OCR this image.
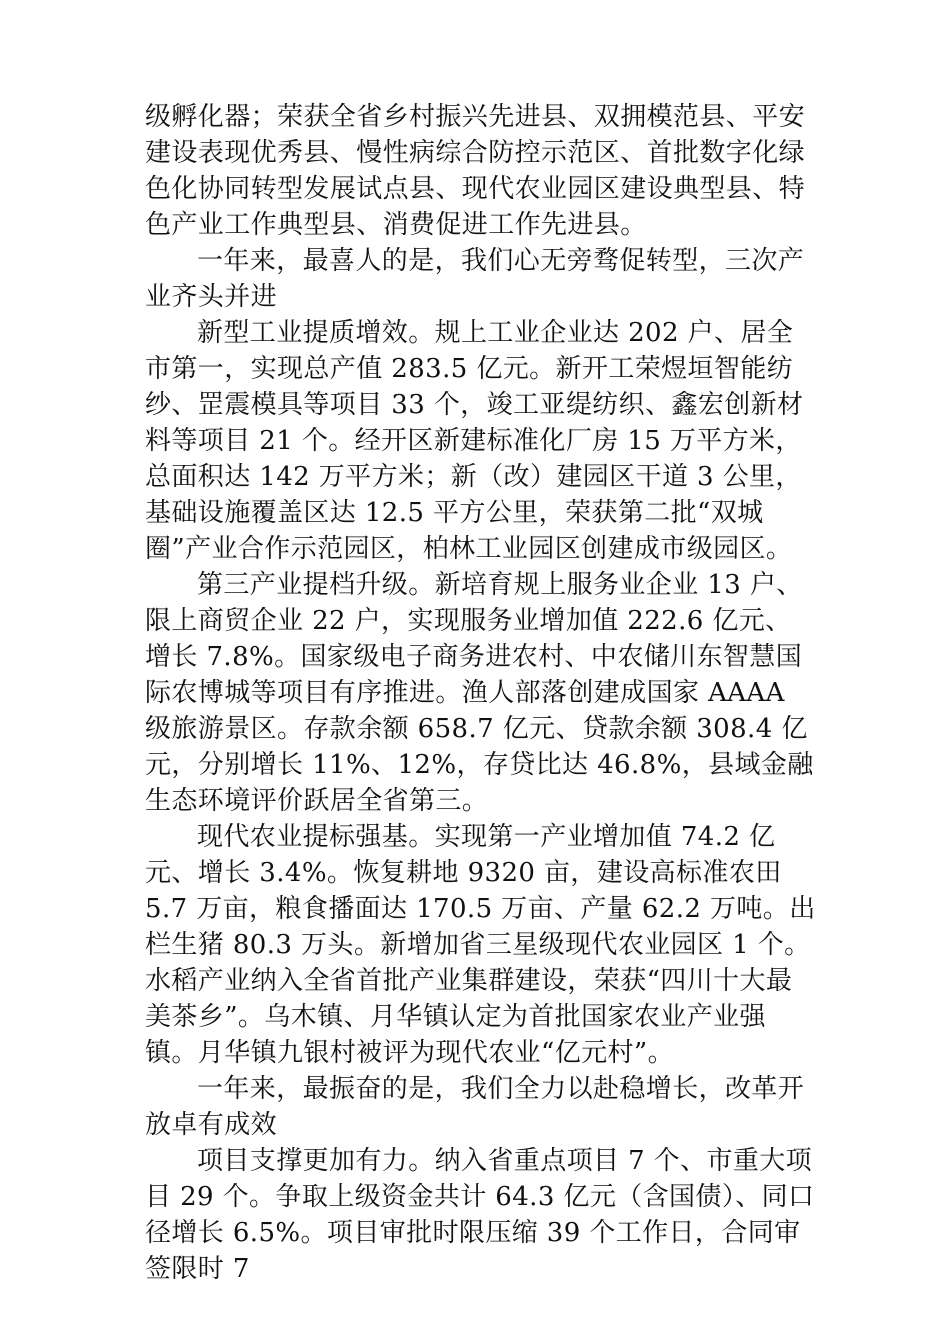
级孵化器；荣获全省乡村振兴先进县、双拥模范县、平安建设表现优秀县、慢性病综合防控示范区、首批数字化绿色化协同转型发展试点县、现代农业园区建设典型县、特色产业工作典型县、消费促进工作先进县。

一年来，最喜人的是，我们心无旁骛促转型，三次产业齐头并进

新型工业提质增效。规上工业企业达 202 户、居全市第一，实现总产值 283.5 亿元。新开工荣煜垣智能纺纱、罡震模具等项目 33 个，竣工亚缇纺织、鑫宏创新材料等项目 21 个。经开区新建标准化厂房 15 万平方米，总面积达 142 万平方米；新（改）建园区干道 3 公里，基础设施覆盖区达 12.5 平方公里，荣获第二批“双城圈”产业合作示范园区，柏林工业园区创建成市级园区。

第三产业提档升级。新培育规上服务业企业 13 户、限上商贸企业 22 户，实现服务业增加值 222.6 亿元、增长 7.8%。国家级电子商务进农村、中农储川东智慧国际农博城等项目有序推进。渔人部落创建成国家 AAAA 级旅游景区。存款余额 658.7 亿元、贷款余额 308.4 亿元，分别增长 11%、12%，存贷比达 46.8%，县域金融生态环境评价跃居全省第三。

现代农业提标强基。实现第一产业增加值 74.2 亿元、增长 3.4%。恢复耕地 9320 亩，建设高标准农田 5.7 万亩，粮食播面达 170.5 万亩、产量 62.2 万吨。出栏生猪 80.3 万头。新增加省三星级现代农业园区 1 个。水稻产业纳入全省首批产业集群建设，荣获“四川十大最美茶乡”。乌木镇、月华镇认定为首批国家农业产业强镇。月华镇九银村被评为现代农业“亿元村”。

一年来，最振奋的是，我们全力以赴稳增长，改革开放卓有成效

项目支撑更加有力。纳入省重点项目 7 个、市重大项目 29 个。争取上级资金共计 64.3 亿元（含国债）、同口径增长 6.5%。项目审批时限压缩 39 个工作日，合同审签限时 7
